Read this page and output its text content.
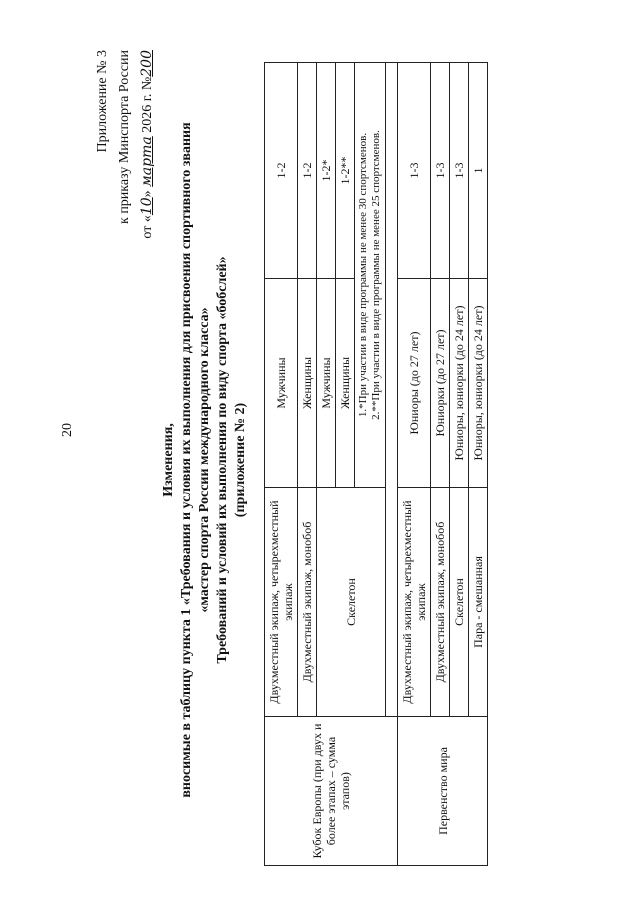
20
Приложение № 3 к приказу Минспорта России
от «10» марта 2026 г. №200
Изменения, вносимые в таблицу пункта 1 «Требования и условия их выполнения для присвоения спортивного звания «мастер спорта России международного класса» Требований и условий их выполнения по виду спорта «бобслей» (приложение № 2)
Кубок Европы (при двух и более этапах – сумма этапов)	Двухместный экипаж, четырехместный экипаж	Мужчины	1-2
	Двухместный экипаж, монобоб	Женщины	1-2
	Скелетон	Мужчины	1-2*
		Женщины	1-2**

		1.*При участии в виде программы не менее 30 спортсменов. 2.**При участии в виде программы не менее 25 спортсменов.	

Первенство мира	Двухместный экипаж, четырехместный экипаж	Юниоры (до 27 лет)	1-3
	Двухместный экипаж, монобоб	Юниорки (до 27 лет)	1-3
	Скелетон	Юниоры, юниорки (до 24 лет)	1-3
	Пара - смешанная	Юниоры, юниорки (до 24 лет)	1
